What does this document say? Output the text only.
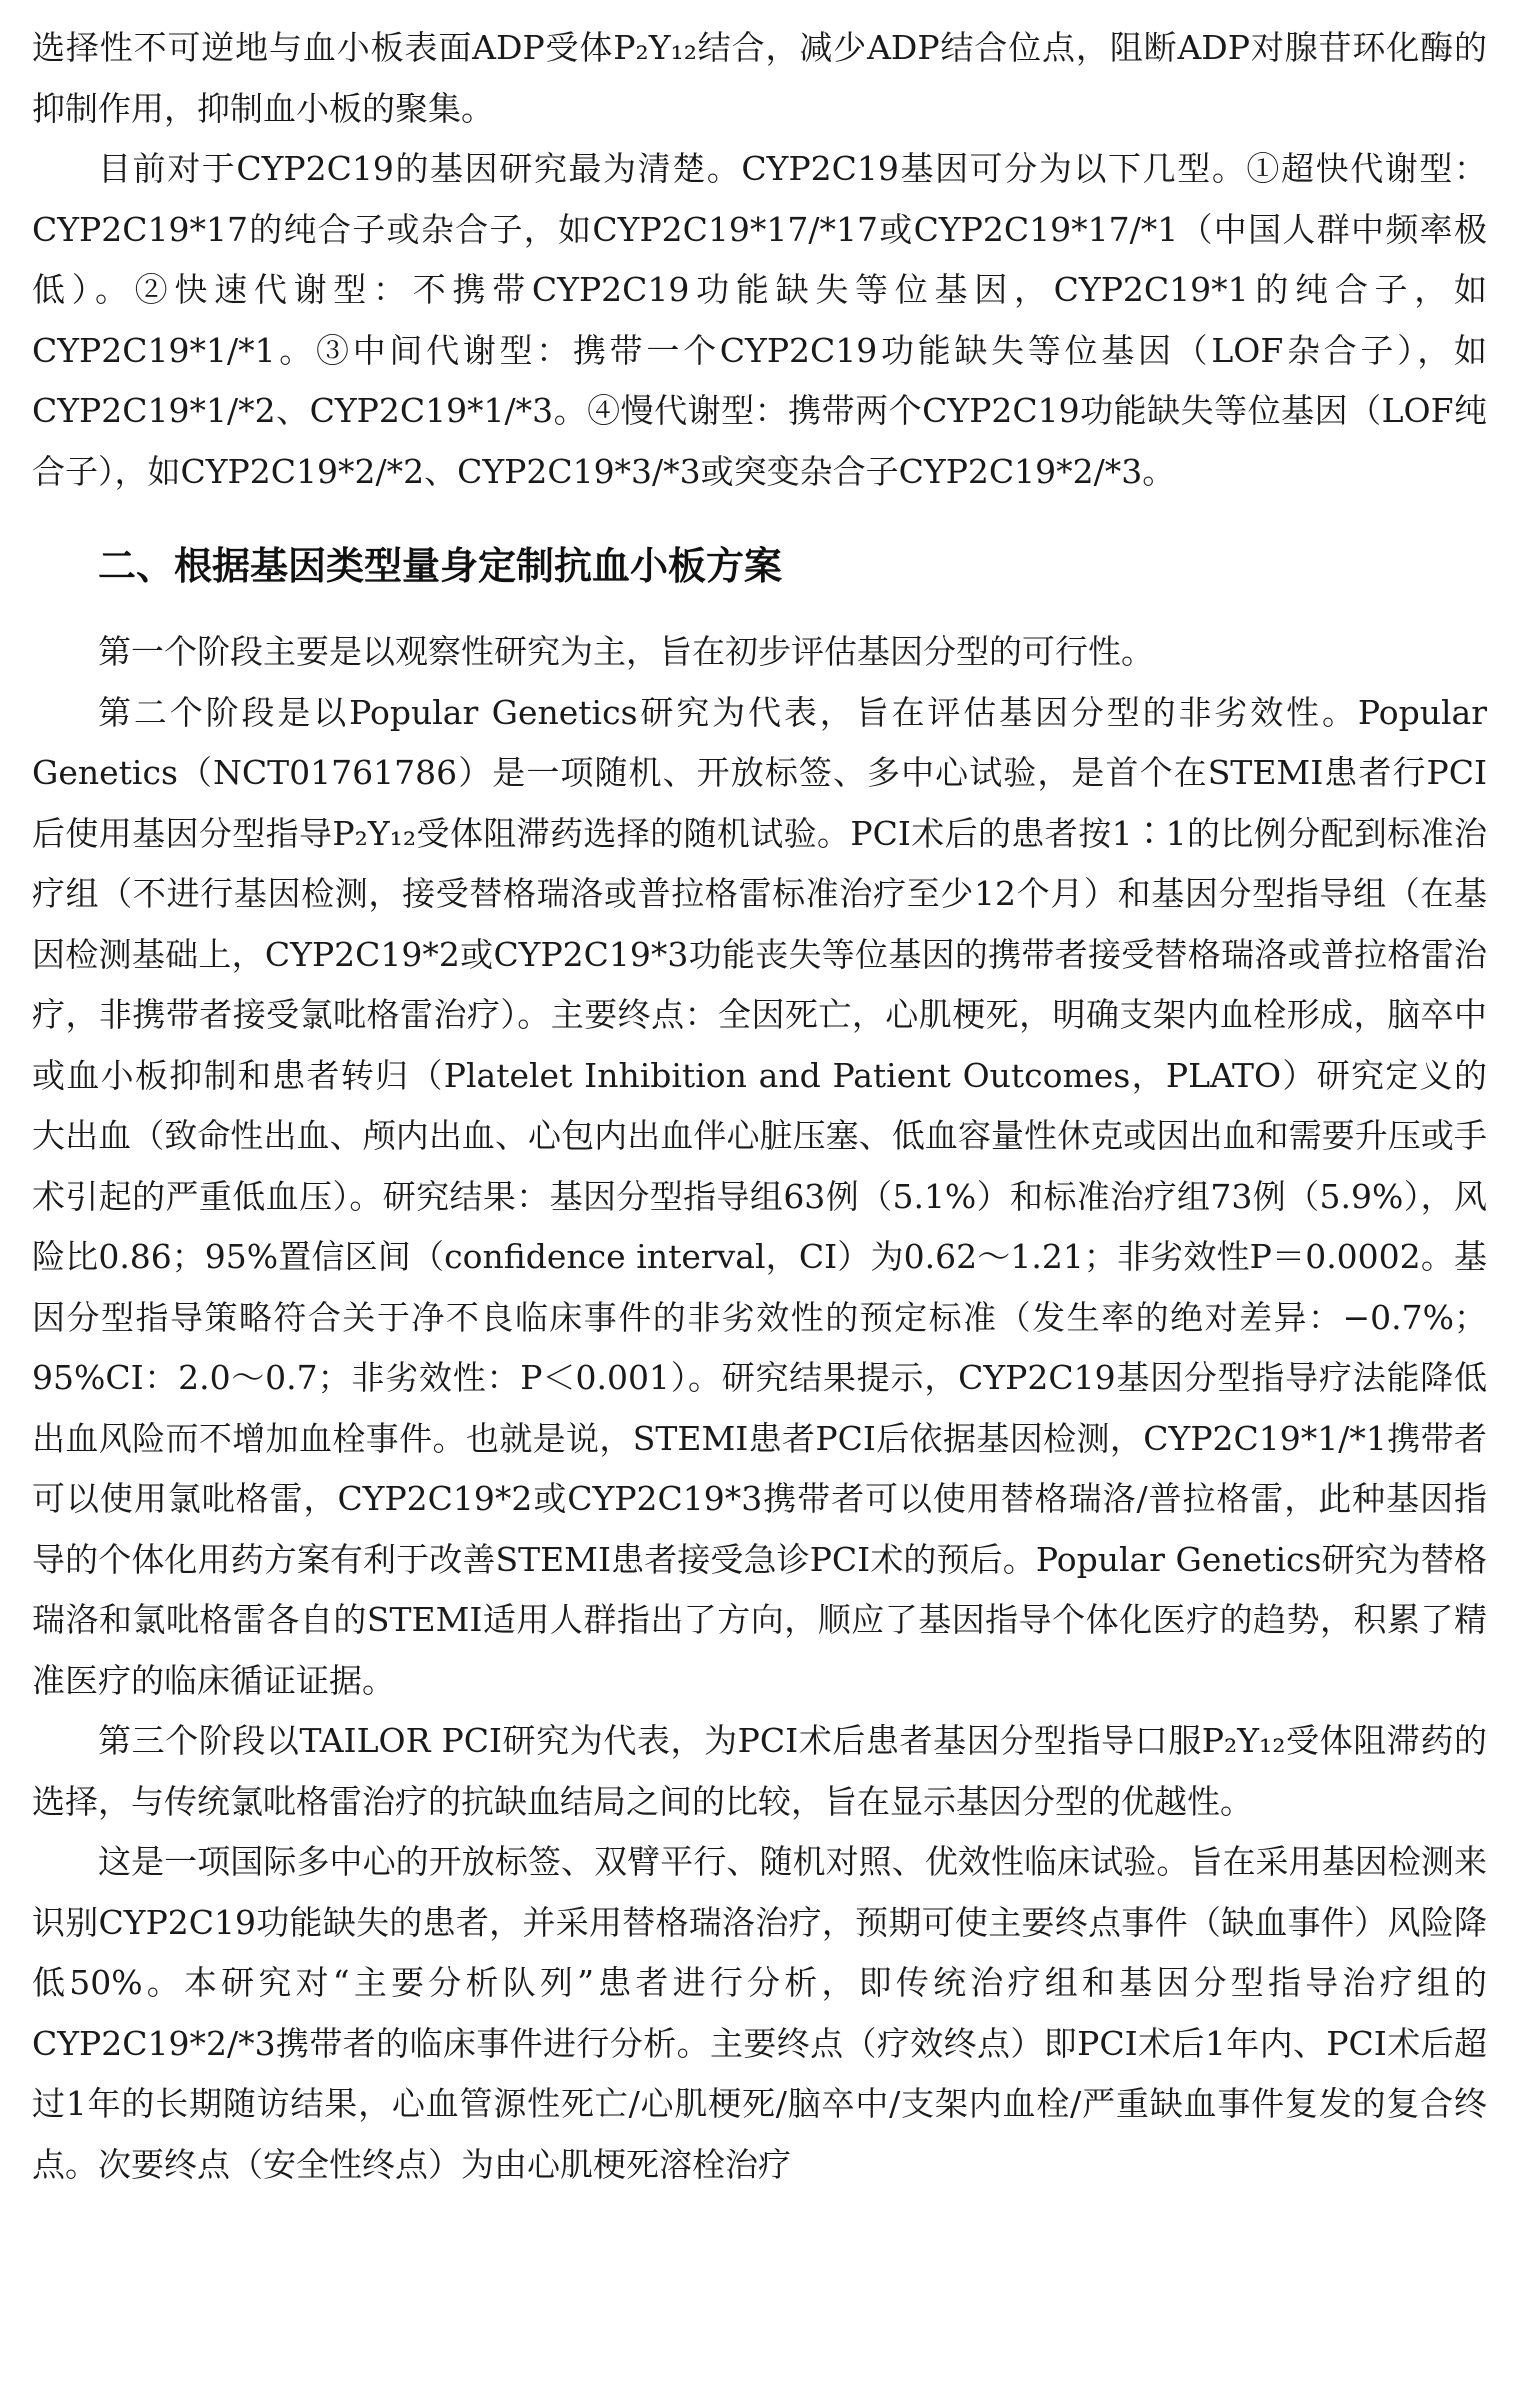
选择性不可逆地与血小板表面ADP受体P₂Y₁₂结合，减少ADP结合位点，阻断ADP对腺苷环化酶的抑制作用，抑制血小板的聚集。

目前对于CYP2C19的基因研究最为清楚。CYP2C19基因可分为以下几型。①超快代谢型：CYP2C19*17的纯合子或杂合子，如CYP2C19*17/*17或CYP2C19*17/*1（中国人群中频率极低）。②快速代谢型：不携带CYP2C19功能缺失等位基因，CYP2C19*1的纯合子，如CYP2C19*1/*1。③中间代谢型：携带一个CYP2C19功能缺失等位基因（LOF杂合子），如CYP2C19*1/*2、CYP2C19*1/*3。④慢代谢型：携带两个CYP2C19功能缺失等位基因（LOF纯合子），如CYP2C19*2/*2、CYP2C19*3/*3或突变杂合子CYP2C19*2/*3。

二、根据基因类型量身定制抗血小板方案

第一个阶段主要是以观察性研究为主，旨在初步评估基因分型的可行性。

第二个阶段是以Popular Genetics研究为代表，旨在评估基因分型的非劣效性。Popular Genetics（NCT01761786）是一项随机、开放标签、多中心试验，是首个在STEMI患者行PCI后使用基因分型指导P₂Y₁₂受体阻滞药选择的随机试验。PCI术后的患者按1∶1的比例分配到标准治疗组（不进行基因检测，接受替格瑞洛或普拉格雷标准治疗至少12个月）和基因分型指导组（在基因检测基础上，CYP2C19*2或CYP2C19*3功能丧失等位基因的携带者接受替格瑞洛或普拉格雷治疗，非携带者接受氯吡格雷治疗）。主要终点：全因死亡，心肌梗死，明确支架内血栓形成，脑卒中或血小板抑制和患者转归（Platelet Inhibition and Patient Outcomes，PLATO）研究定义的大出血（致命性出血、颅内出血、心包内出血伴心脏压塞、低血容量性休克或因出血和需要升压或手术引起的严重低血压）。研究结果：基因分型指导组63例（5.1%）和标准治疗组73例（5.9%），风险比0.86；95%置信区间（confidence interval，CI）为0.62～1.21；非劣效性P＝0.0002。基因分型指导策略符合关于净不良临床事件的非劣效性的预定标准（发生率的绝对差异：−0.7%；95%CI：2.0～0.7；非劣效性：P＜0.001）。研究结果提示，CYP2C19基因分型指导疗法能降低出血风险而不增加血栓事件。也就是说，STEMI患者PCI后依据基因检测，CYP2C19*1/*1携带者可以使用氯吡格雷，CYP2C19*2或CYP2C19*3携带者可以使用替格瑞洛/普拉格雷，此种基因指导的个体化用药方案有利于改善STEMI患者接受急诊PCI术的预后。Popular Genetics研究为替格瑞洛和氯吡格雷各自的STEMI适用人群指出了方向，顺应了基因指导个体化医疗的趋势，积累了精准医疗的临床循证证据。

第三个阶段以TAILOR PCI研究为代表，为PCI术后患者基因分型指导口服P₂Y₁₂受体阻滞药的选择，与传统氯吡格雷治疗的抗缺血结局之间的比较，旨在显示基因分型的优越性。

这是一项国际多中心的开放标签、双臂平行、随机对照、优效性临床试验。旨在采用基因检测来识别CYP2C19功能缺失的患者，并采用替格瑞洛治疗，预期可使主要终点事件（缺血事件）风险降低50%。本研究对“主要分析队列”患者进行分析，即传统治疗组和基因分型指导治疗组的CYP2C19*2/*3携带者的临床事件进行分析。主要终点（疗效终点）即PCI术后1年内、PCI术后超过1年的长期随访结果，心血管源性死亡/心肌梗死/脑卒中/支架内血栓/严重缺血事件复发的复合终点。次要终点（安全性终点）为由心肌梗死溶栓治疗
